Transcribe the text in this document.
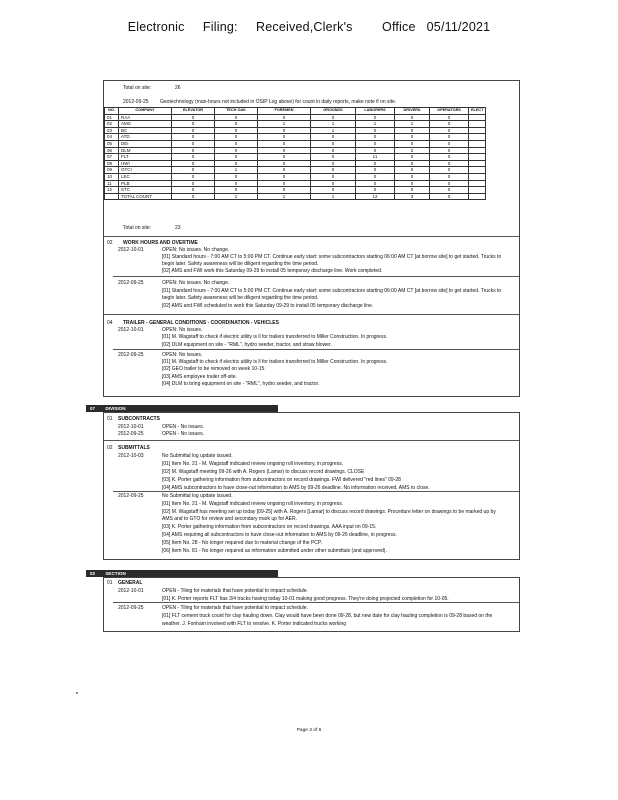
Electronic     Filing:     Received,Clerk's        Office   05/11/2021
Total on site:	26
2012-09-25 Geotechnology (man-hours not included in OSIP Log above) for count in daily reports, make note if on site.
NO.	COMPANY	ELEVATOR	TECH OAK	FOREMEN	GROUNDS	LABORERS	DRIVERS	OPERATORS	ELECT
01	RAA	0	0	0	0	0	0	0	
02	AMS	0	0	1	1	1	1	0	
03	BC	0	0	0	1	0	0	0	
04	ATD	0	0	0	0	0	0	0	
05	DEI	0	0	0	0	0	0	0	
06	DLM	0	0	0	0	0	2	0	
07	FLT	0	0	0	0	11	0	0	
08	HWI	0	0	0	0	0	0	0	
09	GTCI	0	1	0	0	0	0	0	
10	LEC	0	0	0	0	0	0	0	
11	PLB	0	0	0	0	0	0	0	
12	STC	0	0	0	0	0	0	0	
	TOTAL COUNT	0	1	1	1	12	3	0	
Total on site:	23
02 WORK HOURS AND OVERTIME
2012-10-01	OPEN: No issues. No change.
[01] Standard hours - 7:00 AM CT to 5:00 PM CT. Continue early start: some subcontractors starting 06:00 AM CT [at borrow site] to get started. Trucks to
begin later. Safety awareness will be diligent regarding the time period.
[02] AMS and FWI work this Saturday 09-29 to install 05 temporary discharge line. Work completed.
2012-09-25	OPEN: No issues. No change.
[01] Standard hours - 7:00 AM CT to 5:00 PM CT. Continue early start: some subcontractors starting 06:00 AM CT [at borrow site] to get started. Trucks to
begin later. Safety awareness will be diligent regarding the time period.
[02] AMS and FWI scheduled to work this Saturday 09-29 to install 05 temporary discharge line.
04 TRAILER - GENERAL CONDITIONS - COORDINATION - VEHICLES
2012-10-01	OPEN: No issues.
[01] M. Wagstaff to check if electric utility is ll for trailers transferred to Miller Construction. In progress.
[02] DLM equipment on site - "RML", hydro seeder, tractor, and straw blower.
2012-09-25	OPEN: No issues.
[01] M. Wagstaff to check if electric utility is ll for trailers transferred to Miller Construction. In progress.
[02] GEO trailer to be removed on week 10-15.
[03] AMS employee trailer off-site.
[04] DLM to bring equipment on site - "RML", hydro seeder, and tractor.
07 DIVISION
01 SUBCONTRACTS
2012-10-01	OPEN - No issues.
2012-09-25	OPEN - No issues.
02 SUBMITTALS
2012-10-03	No Submittal log update issued.
[01] Item No. 21 - M. Wagstaff indicated review ongoing roll inventory, in progress.
[02] M. Wagstaff meeting 09-26 with A. Rogers (Lamar) to discuss record drawings. CLOSE
[03] K. Porter gathering information from subcontractors on record drawings. FWI delivered "red lines" 09-28
[04] AMS subcontractors to have close-out information to AMS by 09-26 deadline. No information received, AMS to close.
2012-09-25	No Submittal log update issued.
[01] Item No. 21 - M. Wagstaff indicated review ongoing roll inventory, in progress.
[02] M. Wagstaff has meeting set up today [09-25] with A. Rogers [Lamar] to discuss record drawings. Procedure letter on drawings to be marked up by
AMS and to GTO for review and secondary mark up for AER.
[03] K. Porter gathering information from subcontractors on record drawings. AAA input on 09-15.
[04] AMS requiring all subcontractors to have close-out information to AMS by 09-26 deadline, in progress.
[05] Item No. 28 - No longer required due to material change of the PCP.
[06] Item No. 81 - No longer required as information submitted under other submittals (and approved).
02 SECTION
01 GENERAL
2012-10-01	OPEN - Tiling for materials that have potential to impact schedule.
[01] K. Porter reports FLT has 3/4 trucks having today 10-01 making good progress. They're doing projected completion for 10-05.
2012-09-25	OPEN - Tiling for materials that have potential to impact schedule.
[01] FLT cement truck count for clay hauling down. Clay would have been done 09-28, but new date for clay hauling completion is 09-28 based on the
weather. J. Fonham involved with FLT to resolve. K. Porter indicated trucks working
Page 3 of 6
